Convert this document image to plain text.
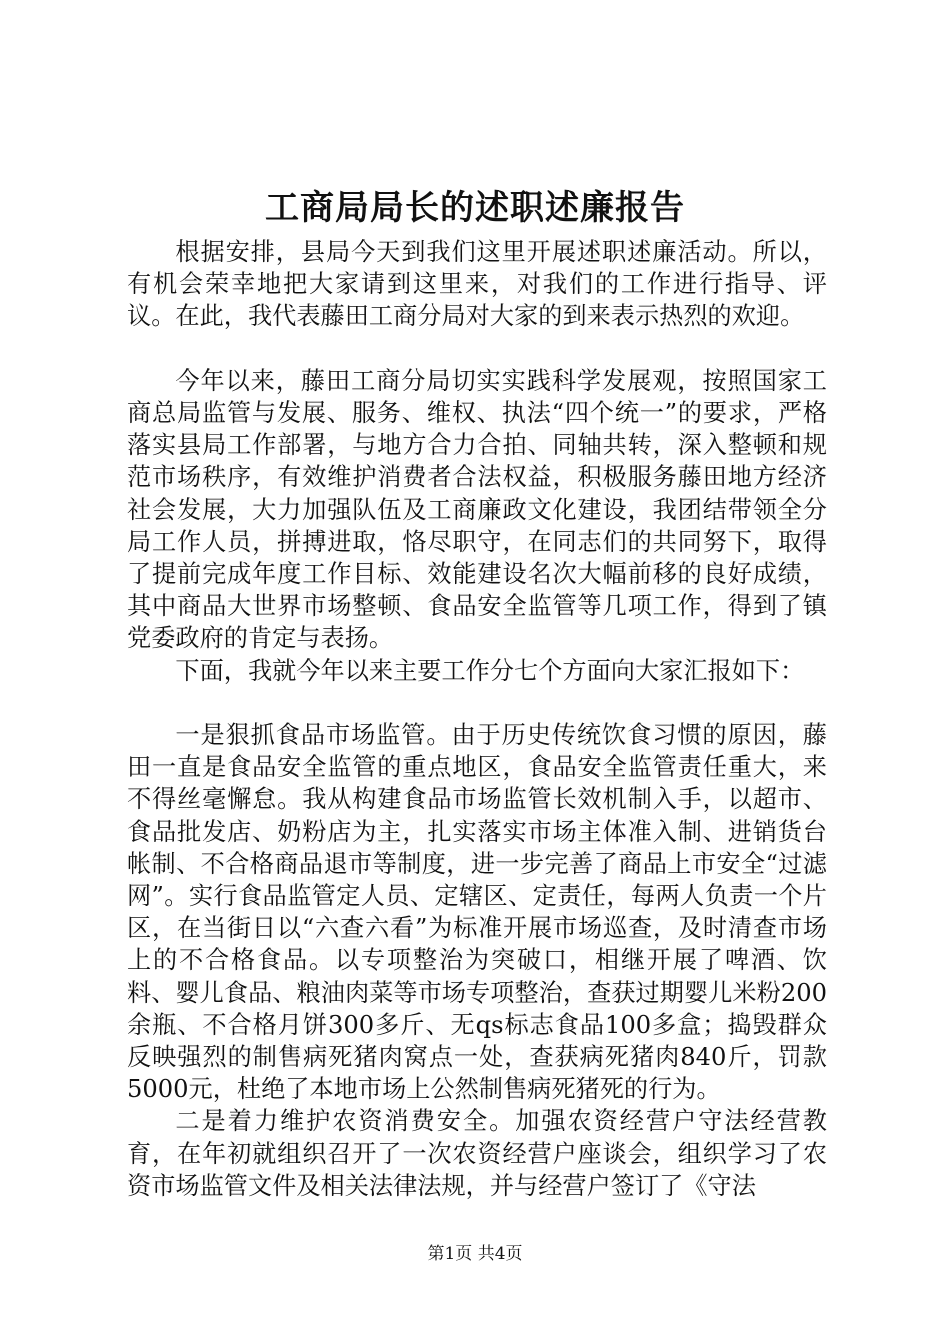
工商局局长的述职述廉报告

根据安排，县局今天到我们这里开展述职述廉活动。所以，有机会荣幸地把大家请到这里来，对我们的工作进行指导、评议。在此，我代表藤田工商分局对大家的到来表示热烈的欢迎。

今年以来，藤田工商分局切实实践科学发展观，按照国家工商总局监管与发展、服务、维权、执法“四个统一”的要求，严格落实县局工作部署，与地方合力合拍、同轴共转，深入整顿和规范市场秩序，有效维护消费者合法权益，积极服务藤田地方经济社会发展，大力加强队伍及工商廉政文化建设，我团结带领全分局工作人员，拼搏进取，恪尽职守，在同志们的共同努下，取得了提前完成年度工作目标、效能建设名次大幅前移的良好成绩，其中商品大世界市场整顿、食品安全监管等几项工作，得到了镇党委政府的肯定与表扬。

下面，我就今年以来主要工作分七个方面向大家汇报如下：

一是狠抓食品市场监管。由于历史传统饮食习惯的原因，藤田一直是食品安全监管的重点地区，食品安全监管责任重大，来不得丝毫懈怠。我从构建食品市场监管长效机制入手，以超市、食品批发店、奶粉店为主，扎实落实市场主体准入制、进销货台帐制、不合格商品退市等制度，进一步完善了商品上市安全“过滤网”。实行食品监管定人员、定辖区、定责任，每两人负责一个片区，在当街日以“六查六看”为标准开展市场巡查，及时清查市场上的不合格食品。以专项整治为突破口，相继开展了啤酒、饮料、婴儿食品、粮油肉菜等市场专项整治，查获过期婴儿米粉200余瓶、不合格月饼300多斤、无qs标志食品100多盒；捣毁群众反映强烈的制售病死猪肉窝点一处，查获病死猪肉840斤，罚款5000元，杜绝了本地市场上公然制售病死猪死的行为。

二是着力维护农资消费安全。加强农资经营户守法经营教育，在年初就组织召开了一次农资经营户座谈会，组织学习了农资市场监管文件及相关法律法规，并与经营户签订了《守法

第1页 共4页
